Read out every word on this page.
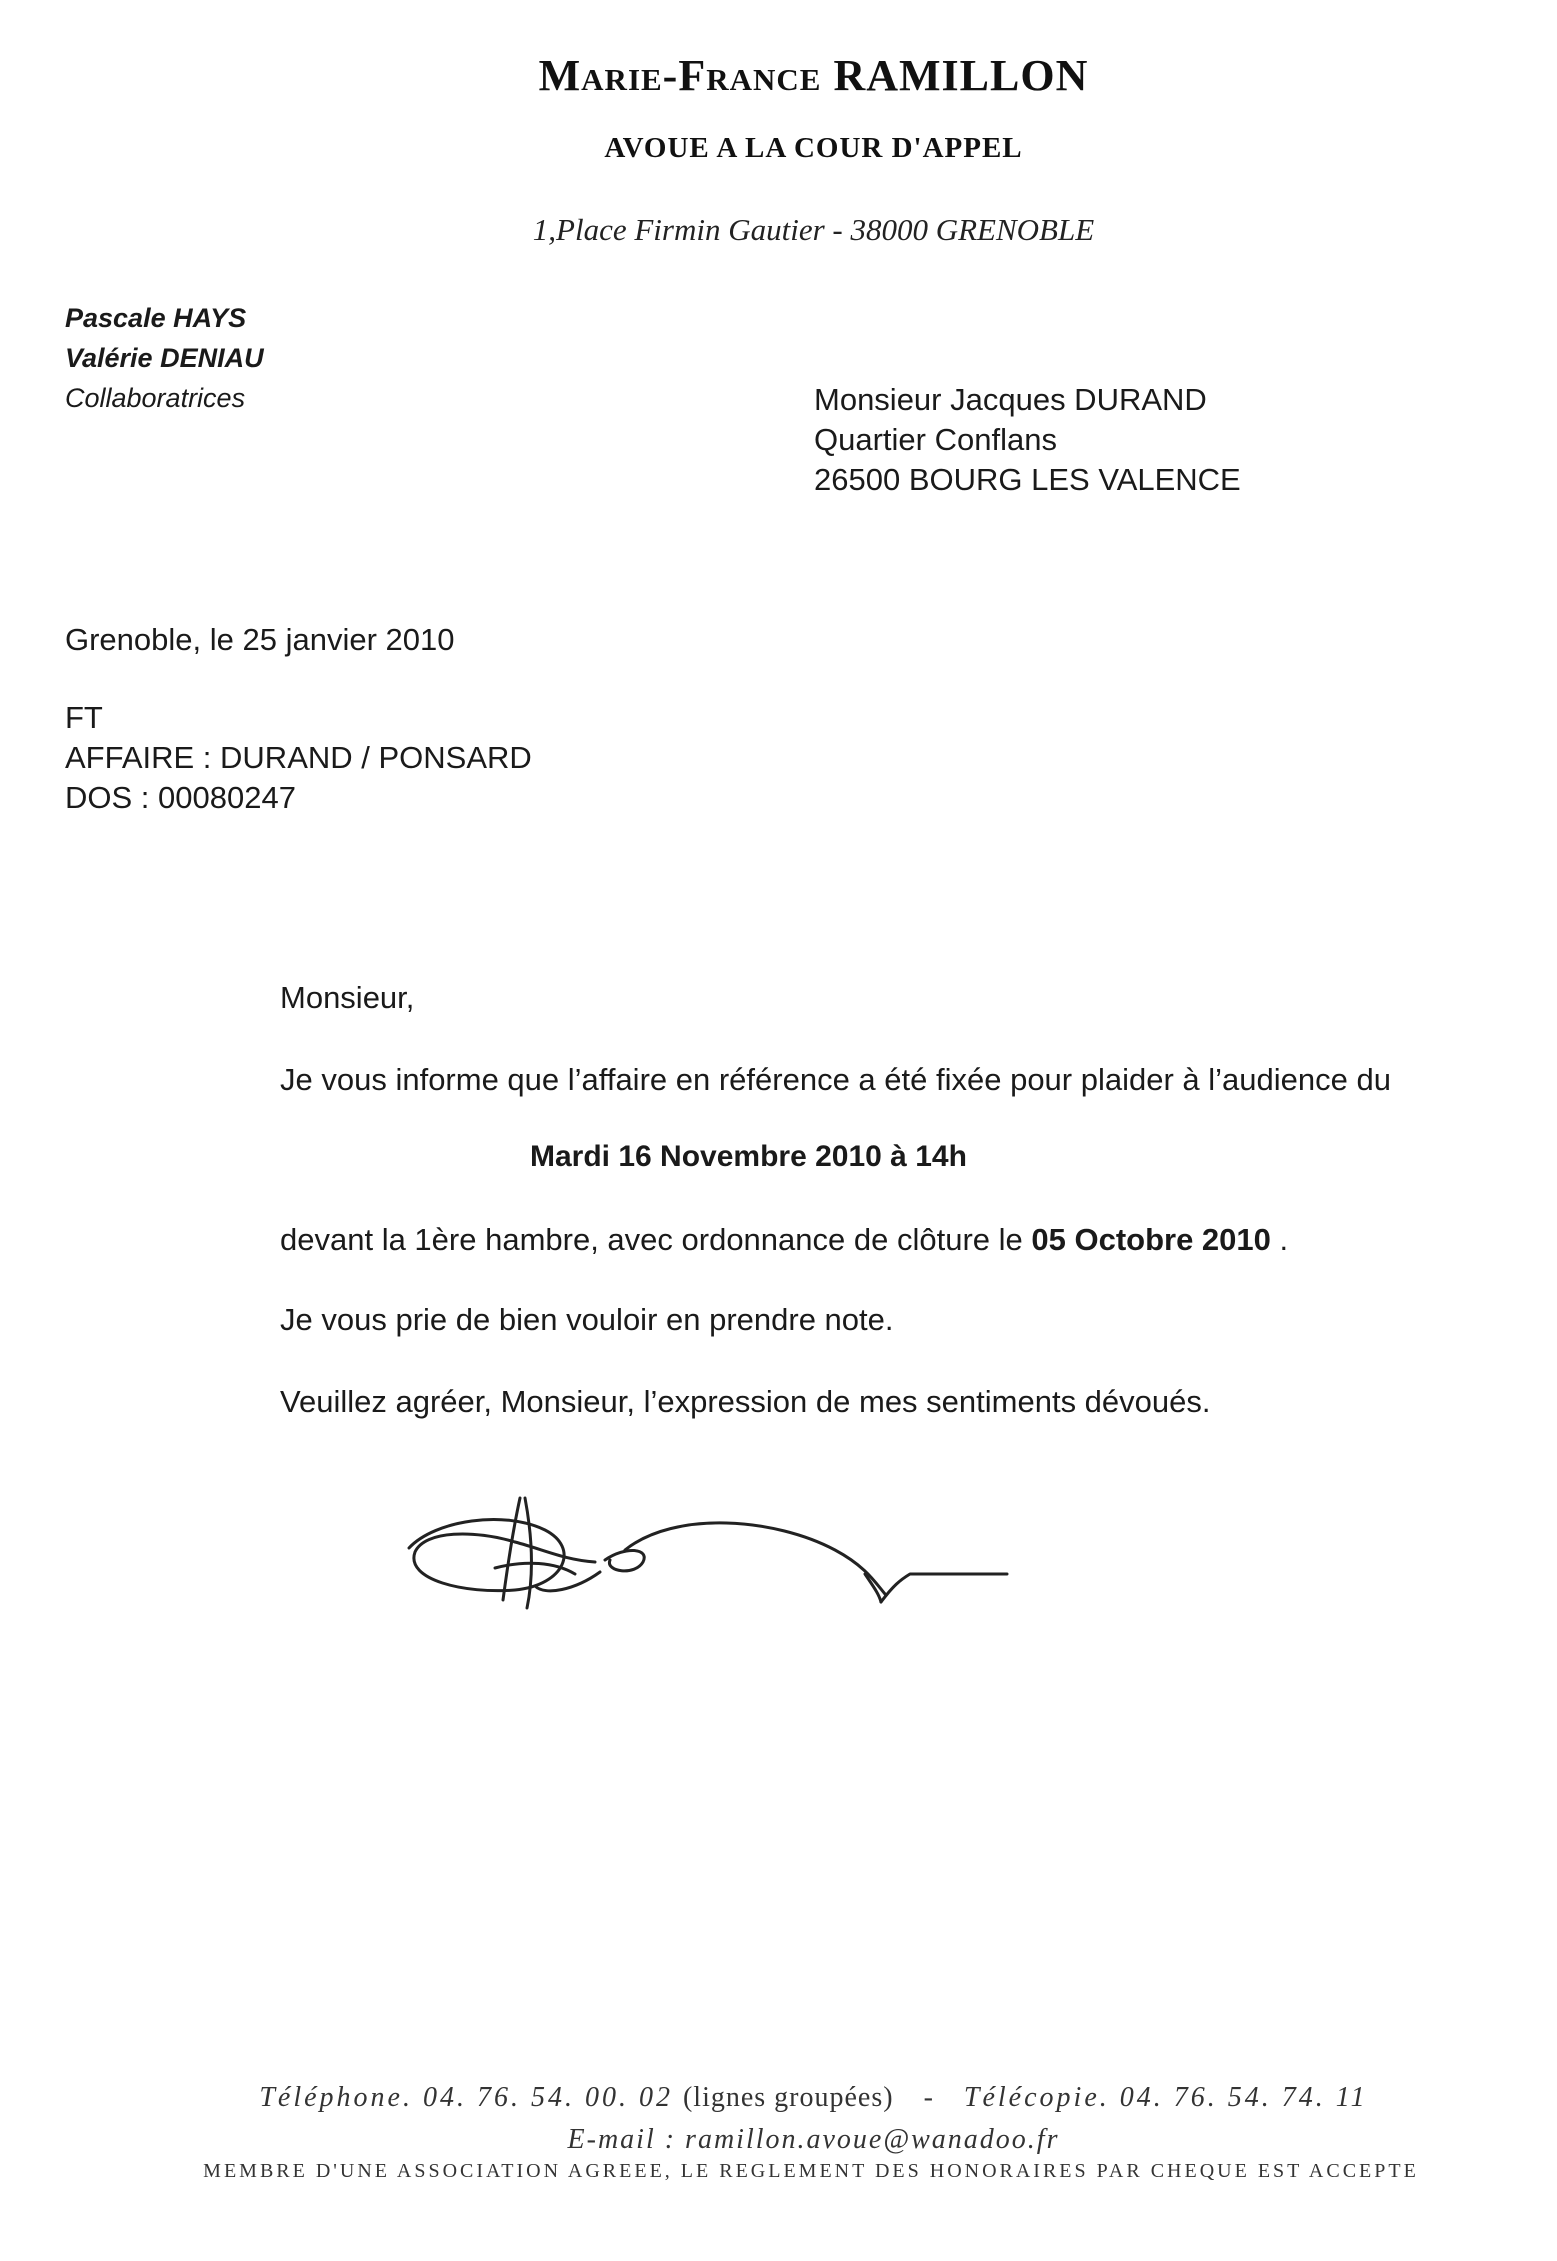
Marie-France RAMILLON
AVOUE A LA COUR D'APPEL
1,Place Firmin Gautier - 38000 GRENOBLE
Pascale HAYS
Valérie DENIAU
Collaboratrices	Monsieur Jacques DURAND
Quartier Conflans
26500 BOURG LES VALENCE
Grenoble, le 25 janvier 2010
FT
AFFAIRE : DURAND / PONSARD
DOS : 00080247
Monsieur,
Je vous informe que l’affaire en référence a été fixée pour plaider à l’audience du
Mardi 16 Novembre 2010 à 14h
devant la 1ère hambre, avec ordonnance de clôture le 05 Octobre 2010 .
Je vous prie de bien vouloir en prendre note.
Veuillez agréer, Monsieur, l’expression de mes sentiments dévoués.
Téléphone. 04. 76. 54. 00. 02 (lignes groupées) - Télécopie. 04. 76. 54. 74. 11
E-mail : ramillon.avoue@wanadoo.fr
MEMBRE D'UNE ASSOCIATION AGREEE, LE REGLEMENT DES HONORAIRES PAR CHEQUE EST ACCEPTE
